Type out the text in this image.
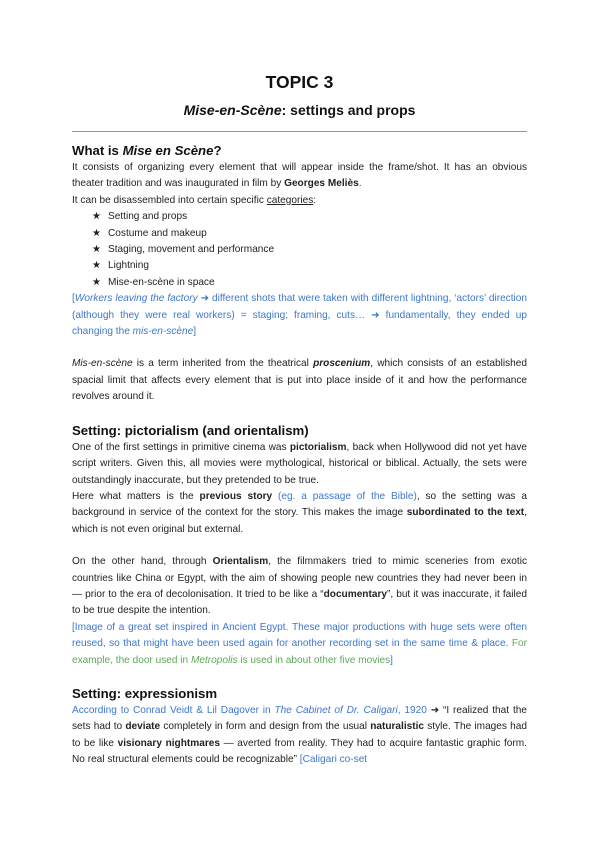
TOPIC 3
Mise-en-Scène: settings and props
What is Mise en Scène?

It consists of organizing every element that will appear inside the frame/shot. It has an obvious theater tradition and was inaugurated in film by Georges Meliès.

It can be disassembled into certain specific categories:

★ Setting and props
★ Costume and makeup
★ Staging, movement and performance
★ Lightning
★ Mise-en-scène in space

[Workers leaving the factory ➜ different shots that were taken with different lightning, ‘actors’ direction (although they were real workers) = staging; framing, cuts… ➜ fundamentally, they ended up changing the mis-en-scène]

Mis-en-scène is a term inherited from the theatrical proscenium, which consists of an established spacial limit that affects every element that is put into place inside of it and how the performance revolves around it.

Setting: pictorialism (and orientalism)

One of the first settings in primitive cinema was pictorialism, back when Hollywood did not yet have script writers. Given this, all movies were mythological, historical or biblical. Actually, the sets were outstandingly inaccurate, but they pretended to be true.

Here what matters is the previous story (eg. a passage of the Bible), so the setting was a background in service of the context for the story. This makes the image subordinated to the text, which is not even original but external.

On the other hand, through Orientalism, the filmmakers tried to mimic sceneries from exotic countries like China or Egypt, with the aim of showing people new countries they had never been in — prior to the era of decolonisation. It tried to be like a “documentary”, but it was inaccurate, it failed to be true despite the intention.

[Image of a great set inspired in Ancient Egypt. These major productions with huge sets were often reused, so that might have been used again for another recording set in the same time & place. For example, the door used in Metropolis is used in about other five movies]

Setting: expressionism

According to Conrad Veidt & Lil Dagover in The Cabinet of Dr. Caligari, 1920 ➜ “I realized that the sets had to deviate completely in form and design from the usual naturalistic style. The images had to be like visionary nightmares — averted from reality. They had to acquire fantastic graphic form. No real structural elements could be recognizable” [Caligari co-set
